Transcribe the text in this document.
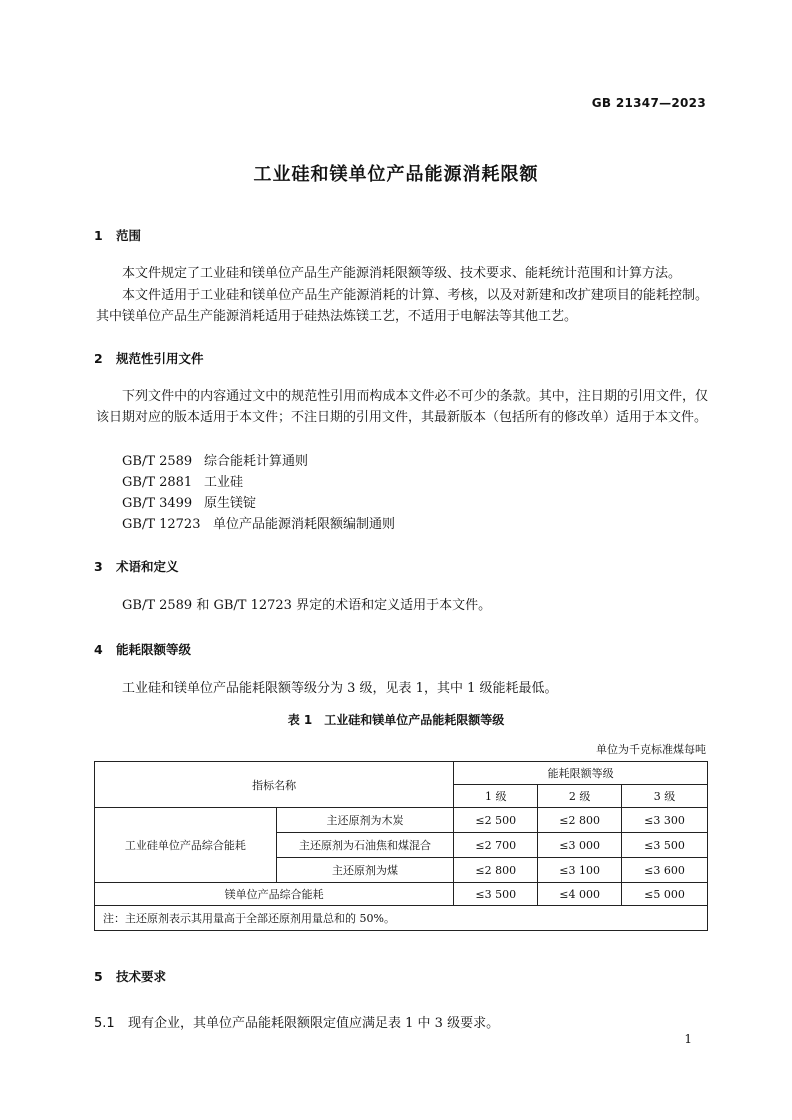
GB 21347—2023
工业硅和镁单位产品能源消耗限额
1 范围
本文件规定了工业硅和镁单位产品生产能源消耗限额等级、技术要求、能耗统计范围和计算方法。
本文件适用于工业硅和镁单位产品生产能源消耗的计算、考核，以及对新建和改扩建项目的能耗控制。其中镁单位产品生产能源消耗适用于硅热法炼镁工艺，不适用于电解法等其他工艺。
2 规范性引用文件
下列文件中的内容通过文中的规范性引用而构成本文件必不可少的条款。其中，注日期的引用文件，仅该日期对应的版本适用于本文件；不注日期的引用文件，其最新版本（包括所有的修改单）适用于本文件。
GB/T 2589 综合能耗计算通则
GB/T 2881 工业硅
GB/T 3499 原生镁锭
GB/T 12723 单位产品能源消耗限额编制通则
3 术语和定义
GB/T 2589 和 GB/T 12723 界定的术语和定义适用于本文件。
4 能耗限额等级
工业硅和镁单位产品能耗限额等级分为 3 级，见表 1，其中 1 级能耗最低。
表 1　工业硅和镁单位产品能耗限额等级
单位为千克标准煤每吨
指标名称		能耗限额等级		
		1 级	2 级	3 级
工业硅单位产品综合能耗	主还原剂为木炭	≤2 500	≤2 800	≤3 300
	主还原剂为石油焦和煤混合	≤2 700	≤3 000	≤3 500
	主还原剂为煤	≤2 800	≤3 100	≤3 600
镁单位产品综合能耗		≤3 500	≤4 000	≤5 000
注：主还原剂表示其用量高于全部还原剂用量总和的 50%。				
5 技术要求
5.1 现有企业，其单位产品能耗限额限定值应满足表 1 中 3 级要求。
1
